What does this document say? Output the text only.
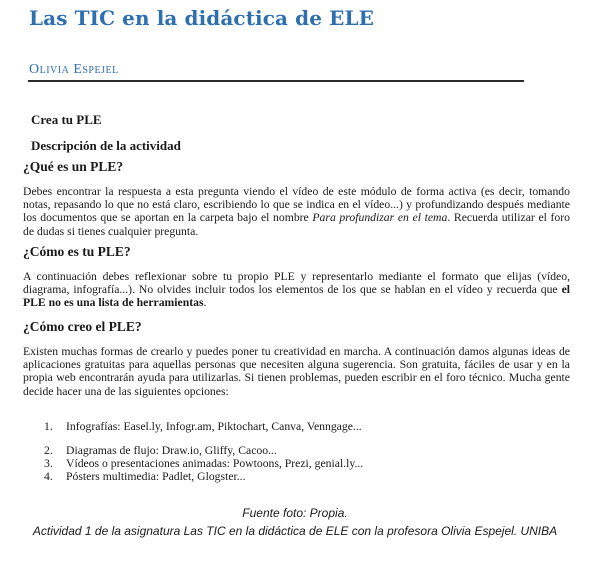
Las TIC en la didáctica de ELE
Olivia Espejel
Crea tu PLE
Descripción de la actividad
¿Qué es un PLE?

Debes encontrar la respuesta a esta pregunta viendo el vídeo de este módulo de forma activa (es decir, tomando notas, repasando lo que no está claro, escribiendo lo que se indica en el vídeo...) y profundizando después mediante los documentos que se aportan en la carpeta bajo el nombre Para profundizar en el tema. Recuerda utilizar el foro de dudas si tienes cualquier pregunta.

¿Cómo es tu PLE?

A continuación debes reflexionar sobre tu propio PLE y representarlo mediante el formato que elijas (vídeo, diagrama, infografía...). No olvides incluir todos los elementos de los que se hablan en el vídeo y recuerda que el PLE no es una lista de herramientas.

¿Cómo creo el PLE?

Existen muchas formas de crearlo y puedes poner tu creatividad en marcha. A continuación damos algunas ideas de aplicaciones gratuitas para aquellas personas que necesiten alguna sugerencia. Son gratuita, fáciles de usar y en la propia web encontrarán ayuda para utilizarlas. Si tienen problemas, pueden escribir en el foro técnico. Mucha gente decide hacer una de las siguientes opciones:

1. Infografías: Easel.ly, Infogr.am, Piktochart, Canva, Venngage...
2. Diagramas de flujo: Draw.io, Gliffy, Cacoo...
3. Vídeos o presentaciones animadas: Powtoons, Prezi, genial.ly...
4. Pósters multimedia: Padlet, Glogster...
Fuente foto: Propia.
Actividad 1 de la asignatura Las TIC en la didáctica de ELE con la profesora Olivia Espejel. UNIBA
